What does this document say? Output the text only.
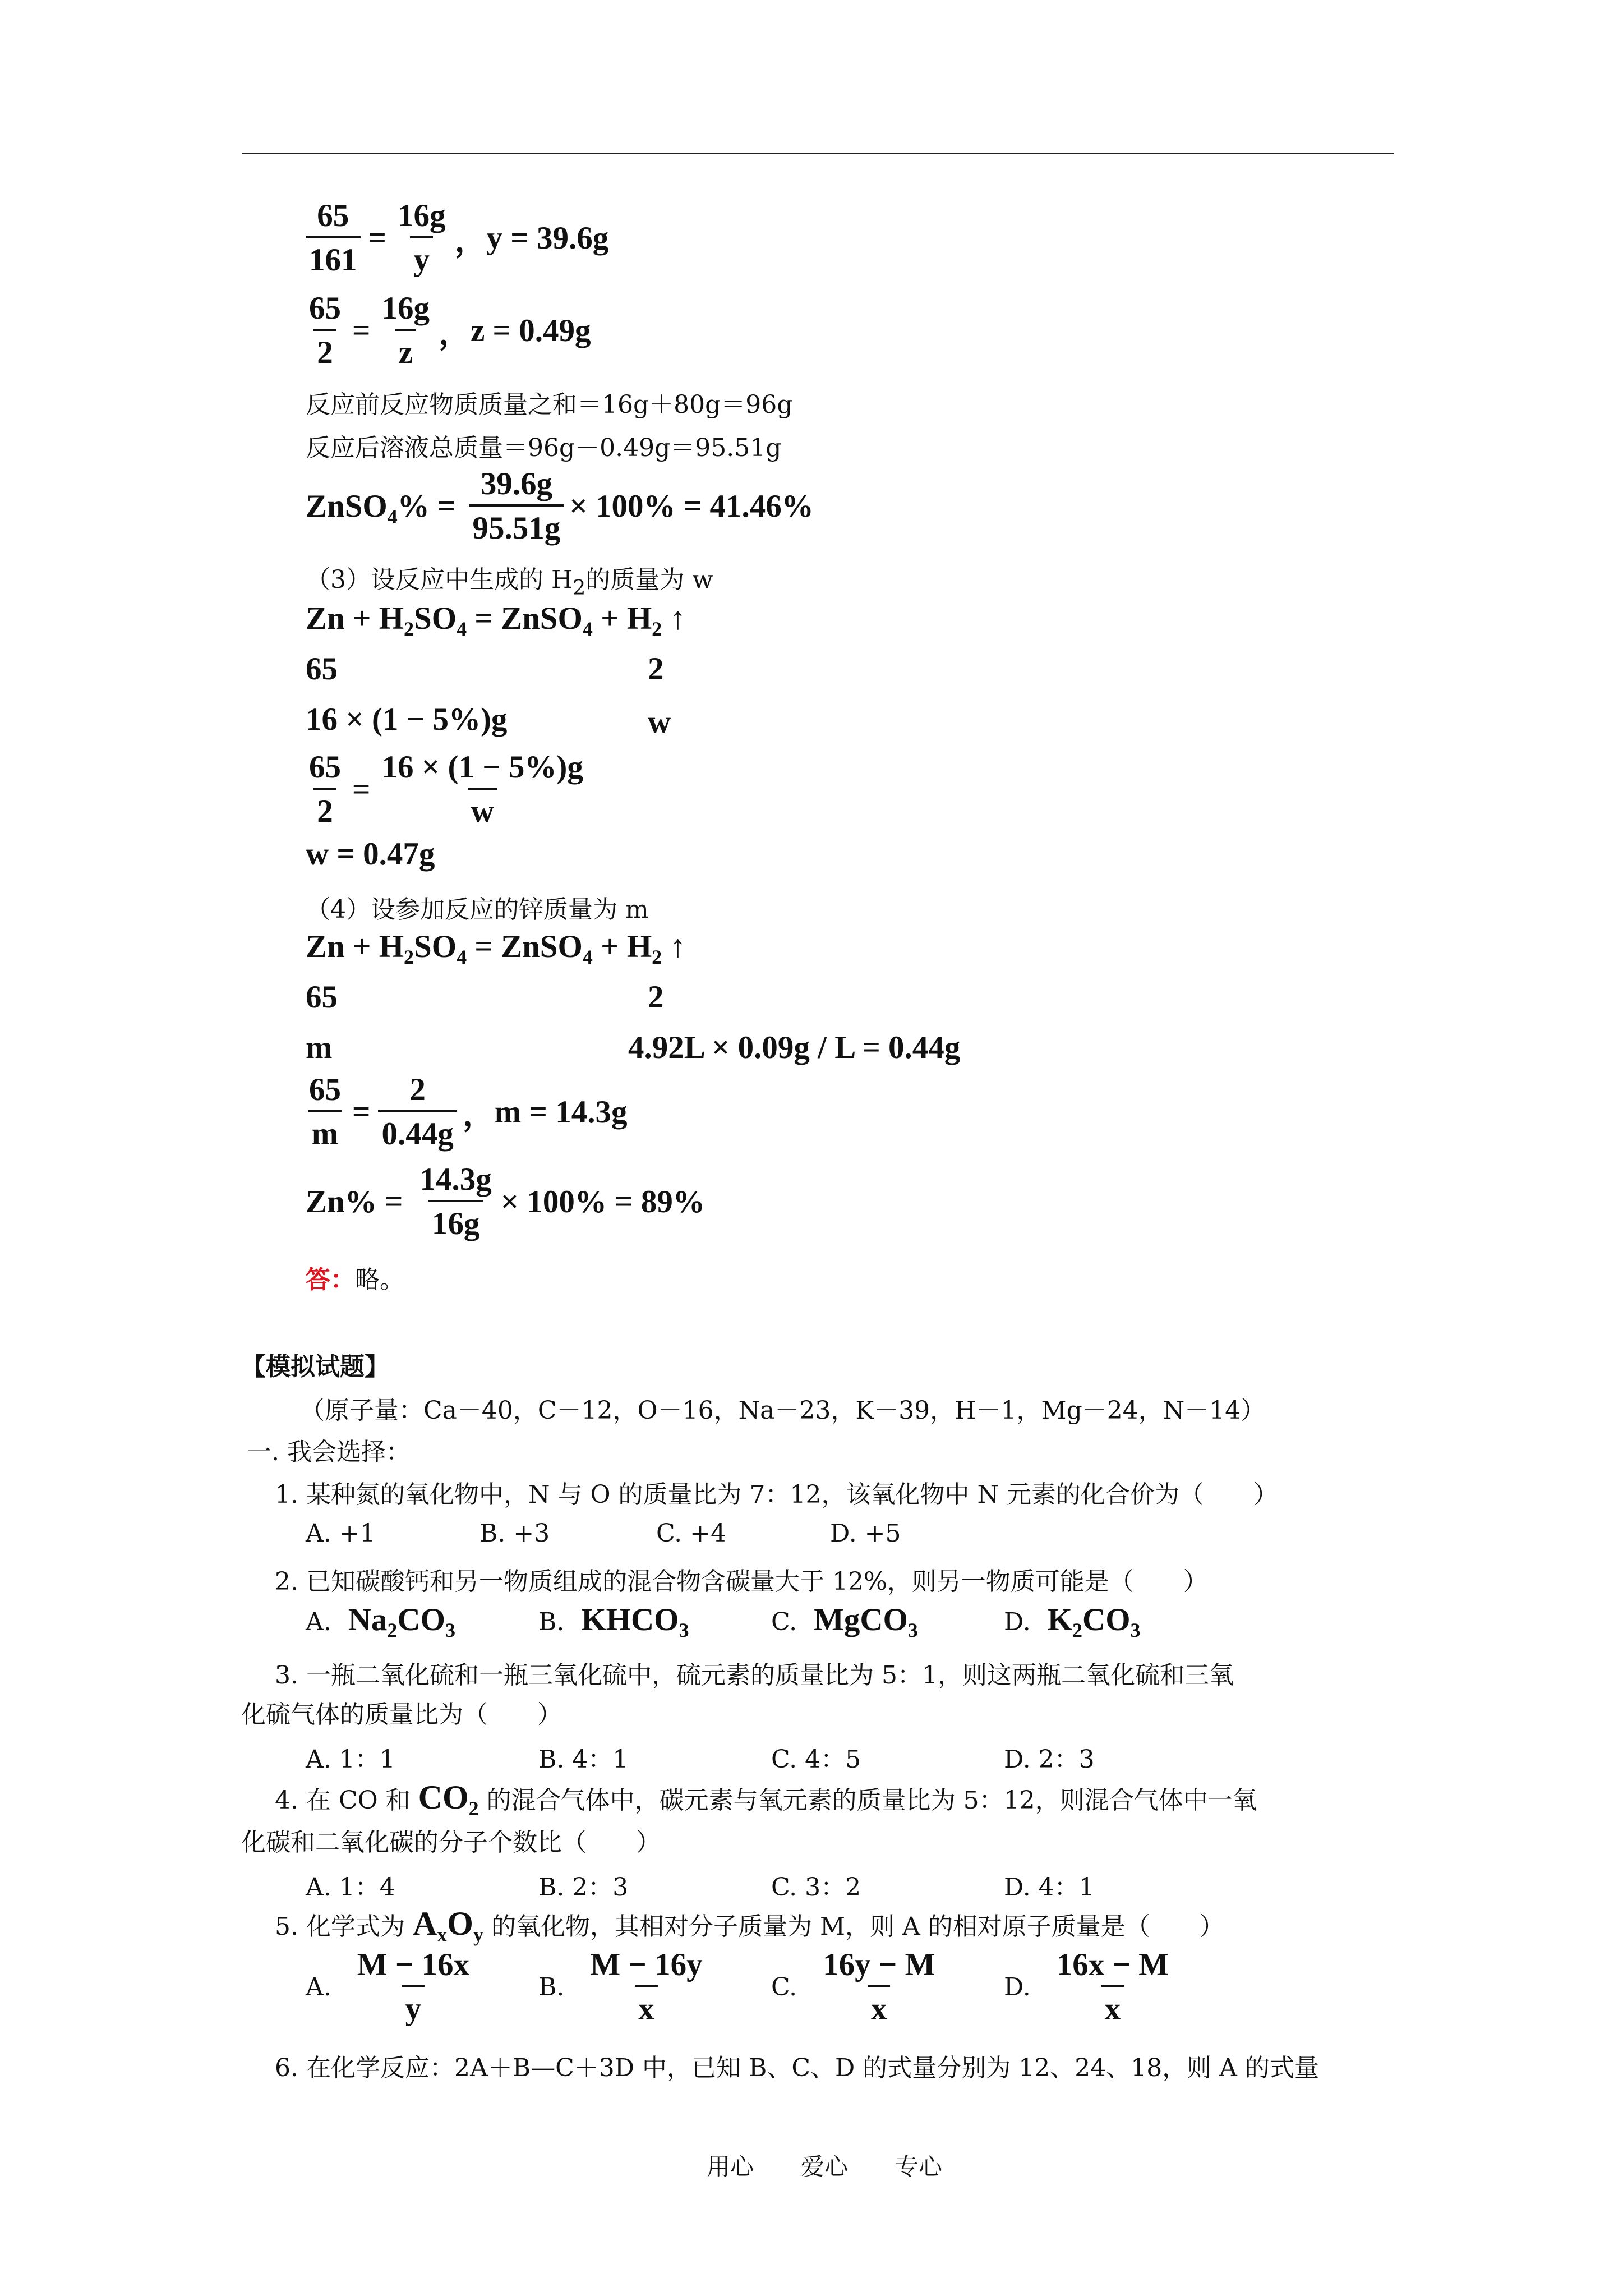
$\frac{65}{161} = \frac{16g}{y}$ ， y = 39.6g
$\frac{65}{2} = \frac{16g}{z}$ ， z = 0.49g
反应前反应物质质量之和＝16g＋80g＝96g
反应后溶液总质量＝96g－0.49g＝95.51g
ZnSO$_4$% = $\frac{39.6g}{95.51g} \times 100\% = 41.46\%$
（3）设反应中生成的 $H_2$的质量为 w
$Zn + H_2SO_4$ = ZnSO$_4$ + $H_2$ ↑
65	2
16 × (1 − 5%)g	w
$\frac{65}{2} = \frac{16 \times (1 - 5\%)g}{w}$
w = 0.47g
（4）设参加反应的锌质量为 m
$Zn + H_2SO_4$ = ZnSO$_4$ + $H_2$ ↑
65	2
m	4.92L × 0.09g / L = 0.44g
$\frac{65}{m} = \frac{2}{0.44g}$ ， m = 14.3g
$Zn\% = \frac{14.3g}{16g} \times 100\% = 89\%$
答：略。
【模拟试题】
（原子量：Ca－40，C－12，O－16，Na－23，K－39，H－1，Mg－24，N－14）
一. 我会选择：
1. 某种氮的氧化物中，N 与 O 的质量比为 7：12，该氧化物中 N 元素的化合价为（　　）
A. +1	B. +3	C. +4	D. +5
2. 已知碳酸钙和另一物质组成的混合物含碳量大于 12%，则另一物质可能是（　　）
A. $Na_2CO_3$	B. $KHCO_3$	C. MgCO$_3$	D. $K_2CO_3$
3. 一瓶二氧化硫和一瓶三氧化硫中，硫元素的质量比为 5：1，则这两瓶二氧化硫和三氧
化硫气体的质量比为（　　）
A. 1：1	B. 4：1	C. 4：5	D. 2：3
4. 在 CO 和 $CO_2$ 的混合气体中，碳元素与氧元素的质量比为 5：12，则混合气体中一氧
化碳和二氧化碳的分子个数比（　　）
A. 1：4	B. 2：3	C. 3：2	D. 4：1
5. 化学式为 $A_xO_y$ 的氧化物，其相对分子质量为 M，则 A 的相对原子质量是（　　）
A. $\frac{M - 16x}{y}$	B. $\frac{M - 16y}{x}$	C. $\frac{16y - M}{x}$	D. $\frac{16x - M}{x}$
6. 在化学反应：2A＋B—C＋3D 中，已知 B、C、D 的式量分别为 12、24、18，则 A 的式量
用心　　爱心　　专心
